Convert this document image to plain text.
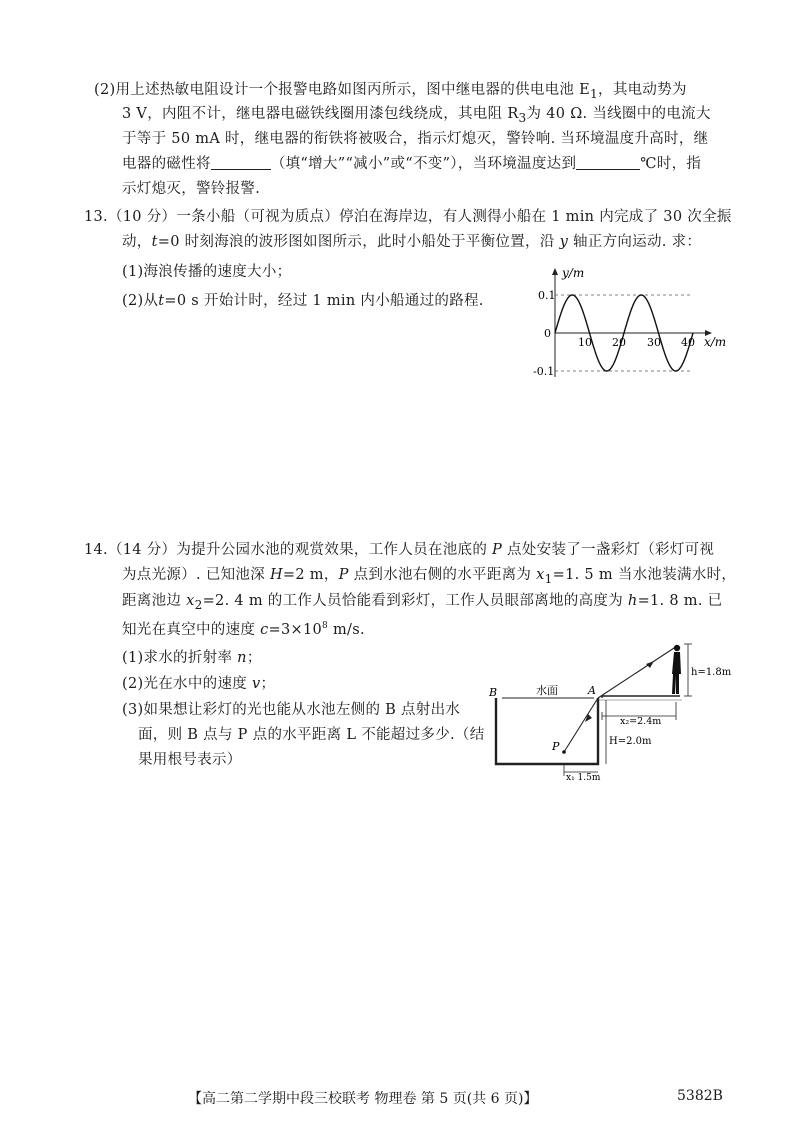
(2)用上述热敏电阻设计一个报警电路如图丙所示，图中继电器的供电电池 $E_1$，其电动势为
3 V，内阻不计，继电器电磁铁线圈用漆包线绕成，其电阻 $R_3$为 40 Ω. 当线圈中的电流大
于等于 50 mA 时，继电器的衔铁将被吸合，指示灯熄灭，警铃响. 当环境温度升高时，继
电器的磁性将	（填“增大”“减小”或“不变”），当环境温度达到	℃时，指
示灯熄灭，警铃报警.
13.（10 分）一条小船（可视为质点）停泊在海岸边，有人测得小船在 1 min 内完成了 30 次全振
动，t=0 时刻海浪的波形图如图所示，此时小船处于平衡位置，沿 y 轴正方向运动. 求：
(1)海浪传播的速度大小；
(2)从t=0 s 开始计时，经过 1 min 内小船通过的路程.
y/m
x/m
0.1
0
-0.1
10 20 30 40
14.（14 分）为提升公园水池的观赏效果，工作人员在池底的 P 点处安装了一盏彩灯（彩灯可视
为点光源）. 已知池深 H=2 m，P 点到水池右侧的水平距离为 $x_1=1$. 5 m 当水池装满水时，
距离池边 $x_2=2$. 4 m 的工作人员恰能看到彩灯，工作人员眼部离地的高度为 h=1. 8 m. 已
知光在真空中的速度 $c=3\times 10^8$ m/s.
(1)求水的折射率 n；
(2)光在水中的速度 v；
(3)如果想让彩灯的光也能从水池左侧的 B 点射出水
面，则 B 点与 P 点的水平距离 L 不能超过多少.（结
果用根号表示）
h=1.8m
x₂=2.4m
H=2.0m
x₁ 1.5m
P
B	A
水面
【高二第二学期中段三校联考 物理卷 第 5 页(共 6 页)】	5382B
